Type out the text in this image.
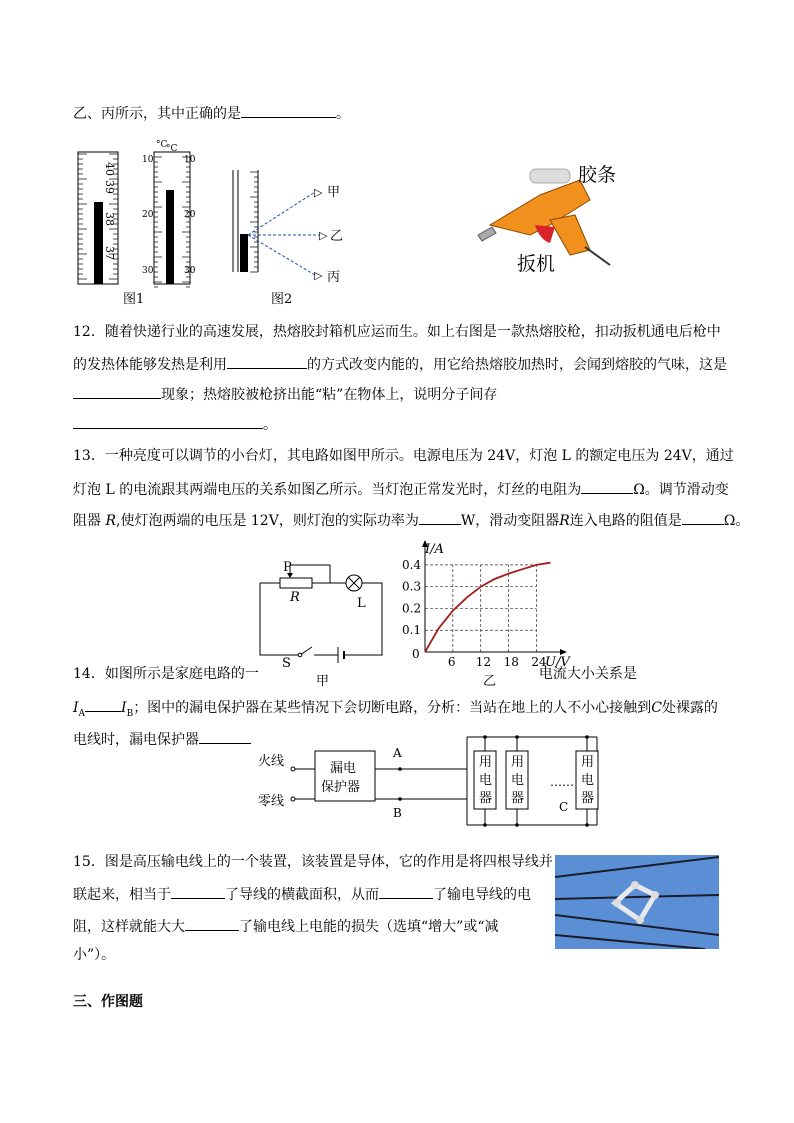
乙、丙所示，其中正确的是	。
°C
40
39
38
37
图1
°C
10
20
30
10
20
30
▷
▷
▷
甲
乙
丙
图2
胶条
扳机
12．随着快递行业的高速发展，热熔胶封箱机应运而生。如上右图是一款热熔胶枪，扣动扳机通电后枪中
的发热体能够发热是利用	的方式改变内能的，用它给热熔胶加热时，会闻到熔胶的气味，这是
现象；热熔胶被枪挤出能“粘”在物体上，说明分子间存
。
13．一种亮度可以调节的小台灯，其电路如图甲所示。电源电压为 24V，灯泡 L 的额定电压为 24V，通过
灯泡 L 的电流跟其两端电压的关系如图乙所示。当灯泡正常发光时，灯丝的电阻为	Ω。调节滑动变
阻器 R,使灯泡两端的电压是 12V，则灯泡的实际功率为	W，滑动变阻器R连入电路的阻值是	Ω。
P
R	L
S
甲
6 12 18 24
0.1
0.2
0.3
0.4
I/A
U/V
0
乙
14．如图所示是家庭电路的一	电流大小关系是
$I_A$	$I_B$；图中的漏电保护器在某些情况下会切断电路，分析：当站在地上的人不小心接触到C处裸露的
电线时，漏电保护器
火线
零线
漏电
保护器
A
B
用
电
器
用
电
器
用
电
器
……
C
15．图是高压输电线上的一个装置，该装置是导体，它的作用是将四根导线并
联起来，相当于	了导线的横截面积，从而	了输电导线的电
阻，这样就能大大	了输电线上电能的损失（选填“增大”或“减
小”）。
三、作图题
